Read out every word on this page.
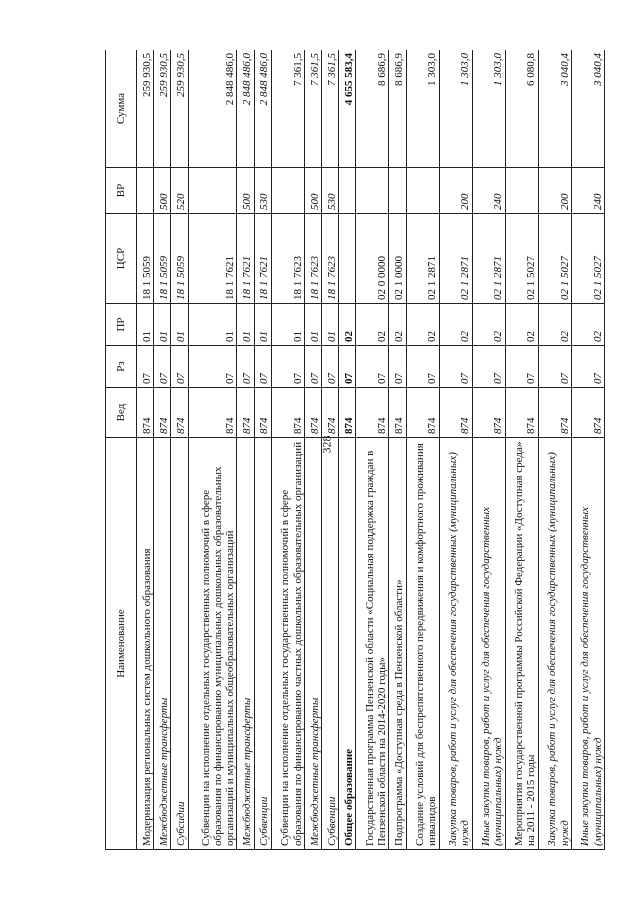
328
Наименование	Вед	Рз	ПР	ЦСР	ВР	Сумма
Модернизация региональных систем дошкольного образования	874	07	01	18 1 5059		259 930,5
Межбюджетные трансферты	874	07	01	18 1 5059	500	259 930,5
Субсидии	874	07	01	18 1 5059	520	259 930,5
Субвенции на исполнение отдельных государственных полномочий в сфере образования по финансированию муниципальных дошкольных образовательных организаций и муниципальных общеобразовательных организаций	874	07	01	18 1 7621		2 848 486,0
Межбюджетные трансферты	874	07	01	18 1 7621	500	2 848 486,0
Субвенции	874	07	01	18 1 7621	530	2 848 486,0
Субвенции на исполнение отдельных государственных полномочий в сфере образования по финансированию частных дошкольных образовательных организаций	874	07	01	18 1 7623		7 361,5
Межбюджетные трансферты	874	07	01	18 1 7623	500	7 361,5
Субвенции	874	07	01	18 1 7623	530	7 361,5
Общее образование	874	07	02			4 655 583,4
Государственная программа Пензенской области «Социальная поддержка граждан в Пензенской области на 2014-2020 годы»	874	07	02	02 0 0000		8 686,9
Подпрограмма «Доступная среда в Пензенской области»	874	07	02	02 1 0000		8 686,9
Создание условий для беспрепятственного передвижения и комфортного проживания инвалидов	874	07	02	02 1 2871		1 303,0
Закупка товаров, работ и услуг для обеспечения государственных (муниципальных) нужд	874	07	02	02 1 2871	200	1 303,0
Иные закупки товаров, работ и услуг для обеспечения государственных (муниципальных) нужд	874	07	02	02 1 2871	240	1 303,0
Мероприятия государственной программы Российской Федерации «Доступная среда» на 2011 - 2015 годы	874	07	02	02 1 5027		6 080,8
Закупка товаров, работ и услуг для обеспечения государственных (муниципальных) нужд	874	07	02	02 1 5027	200	3 040,4
Иные закупки товаров, работ и услуг для обеспечения государственных (муниципальных) нужд	874	07	02	02 1 5027	240	3 040,4
